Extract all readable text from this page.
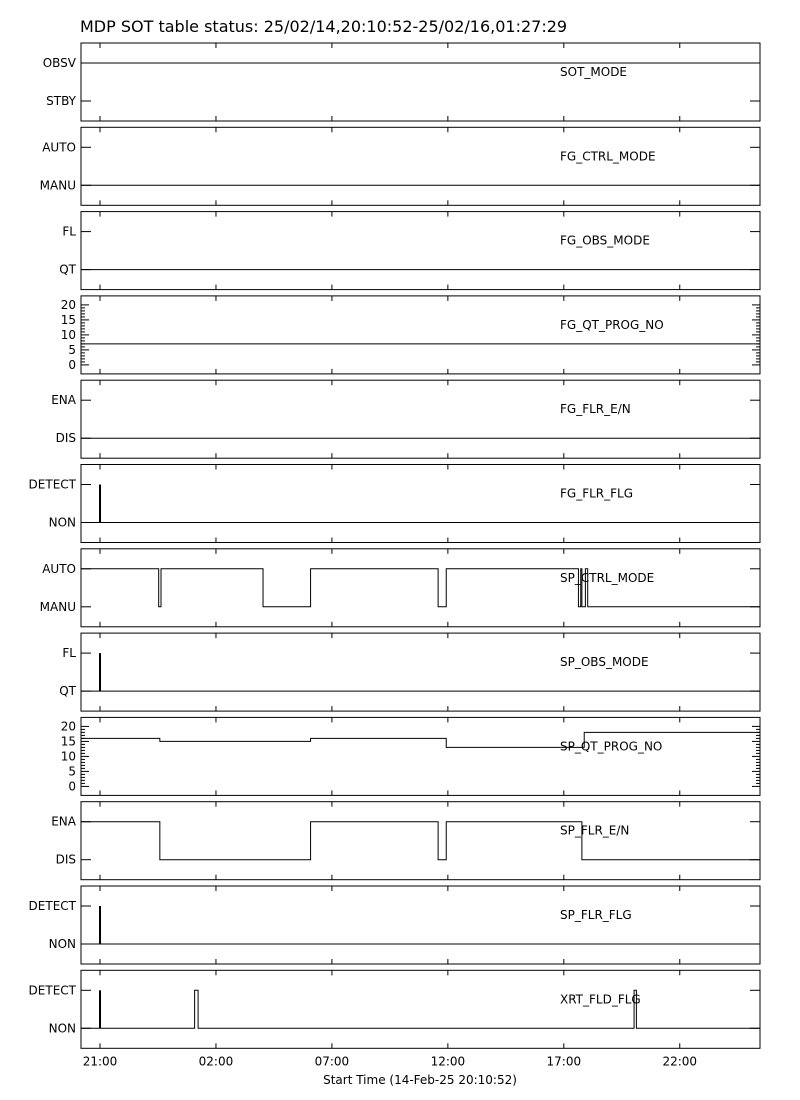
MDP SOT table status: 25/02/14,20:10:52-25/02/16,01:27:29
OBSV
STBY
SOT_MODE
AUTO
MANU
FG_CTRL_MODE
FL
QT
FG_OBS_MODE
0
5
10
15
20
FG_QT_PROG_NO
ENA
DIS
FG_FLR_E/N
DETECT
NON
FG_FLR_FLG
AUTO
MANU
SP_CTRL_MODE
FL
QT
SP_OBS_MODE
0
5
10
15
20
SP_QT_PROG_NO
ENA
DIS
SP_FLR_E/N
DETECT
NON
SP_FLR_FLG
DETECT
NON
XRT_FLD_FLG
21:00	02:00	07:00	12:00	17:00	22:00
Start Time (14-Feb-25 20:10:52)
